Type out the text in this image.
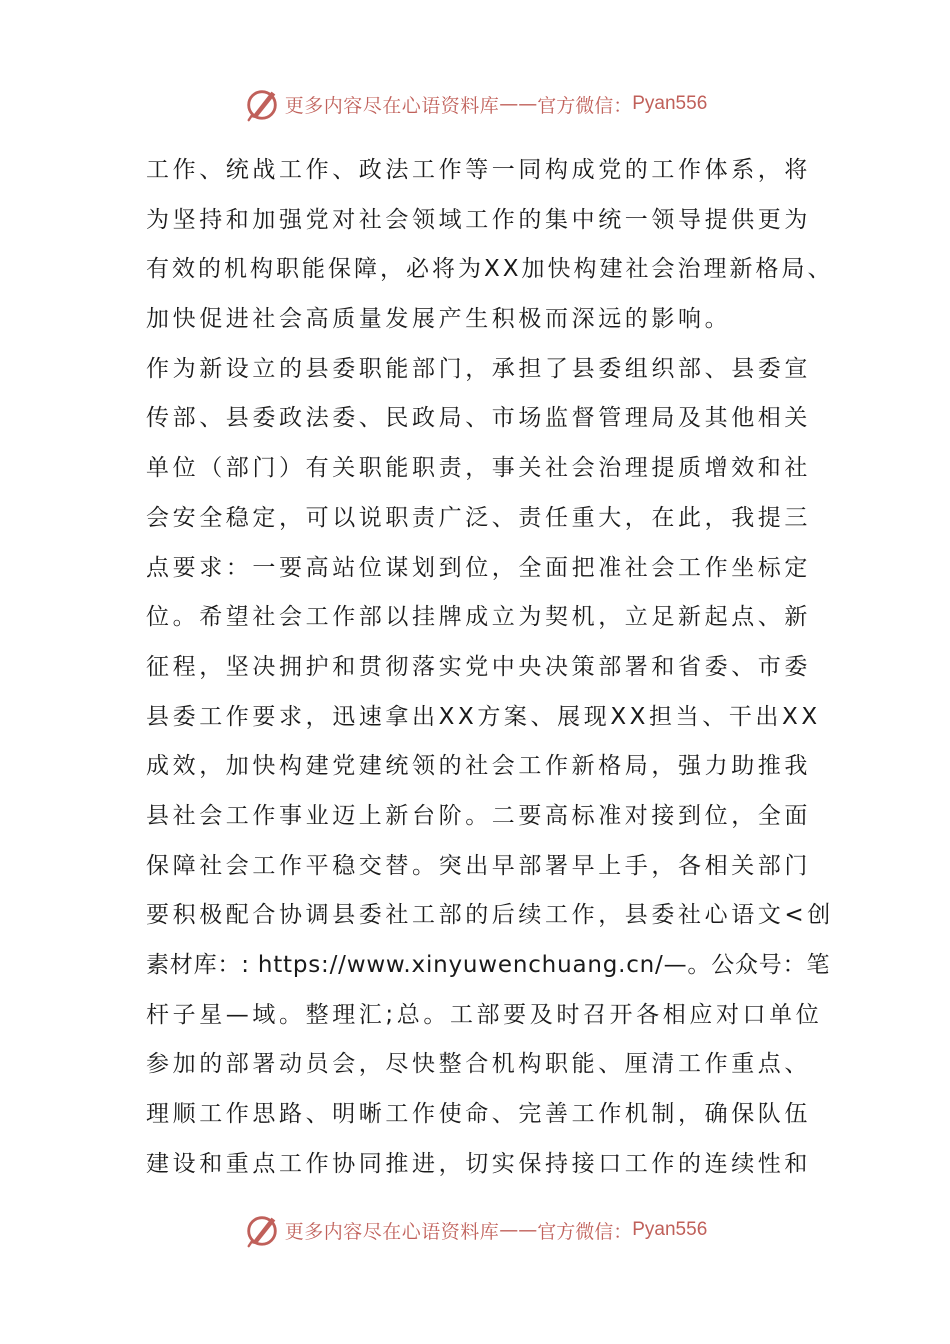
更多内容尽在心语资料库 —— 官方微信： Pyan556
工作、统战工作、政法工作等一同构成党的工作体系，将
为坚持和加强党对社会领域工作的集中统一领导提供更为
有效的机构职能保障，必将为XX加快构建社会治理新格局、
加快促进社会高质量发展产生积极而深远的影响。
作为新设立的县委职能部门，承担了县委组织部、县委宣
传部、县委政法委、民政局、市场监督管理局及其他相关
单位（部门）有关职能职责，事关社会治理提质增效和社
会安全稳定，可以说职责广泛、责任重大，在此，我提三
点要求：一要高站位谋划到位，全面把准社会工作坐标定
位。希望社会工作部以挂牌成立为契机，立足新起点、新
征程，坚决拥护和贯彻落实党中央决策部署和省委、市委
县委工作要求，迅速拿出XX方案、展现XX担当、干出XX
成效，加快构建党建统领的社会工作新格局，强力助推我
县社会工作事业迈上新台阶。二要高标准对接到位，全面
保障社会工作平稳交替。突出早部署早上手，各相关部门
要积极配合协调县委社工部的后续工作，县委社心语文<创
素材库：: https://www.xinyuwenchuang.cn/—。公众号：笔
杆子星—域。整理汇;总。工部要及时召开各相应对口单位
参加的部署动员会，尽快整合机构职能、厘清工作重点、
理顺工作思路、明晰工作使命、完善工作机制，确保队伍
建设和重点工作协同推进，切实保持接口工作的连续性和
更多内容尽在心语资料库 —— 官方微信： Pyan556
